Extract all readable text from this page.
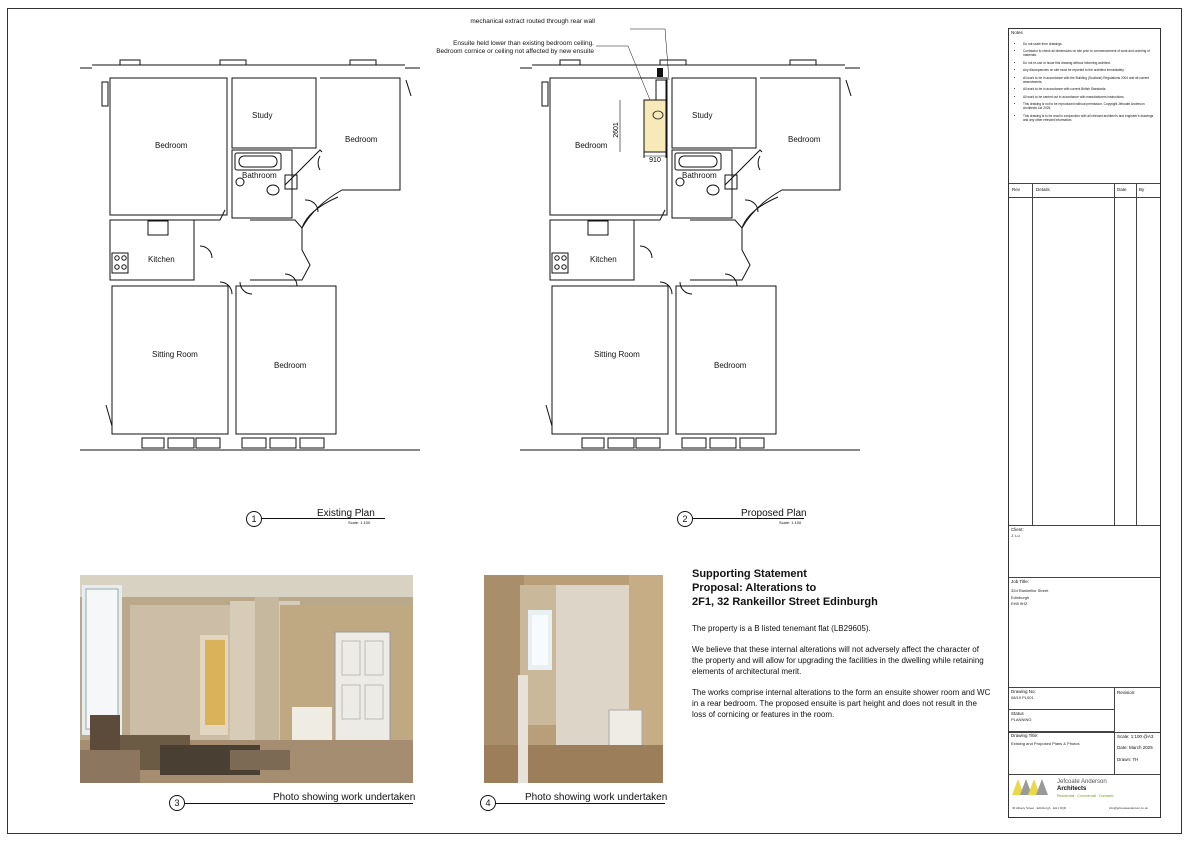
Study
Bedroom
Bedroom
Bathroom
Kitchen
Sitting Room
Bedroom
2601
910
Study
Bedroom
Bedroom
Bathroom
Kitchen
Sitting Room
Bedroom
mechanical extract routed through rear wall
Ensuite held lower than existing bedroom ceiling.
Bedroom cornice or ceiling not affected by new ensuite
1	Existing Plan
Scale: 1:100	2	Proposed Plan
Scale: 1:100
3	Photo showing work undertaken	4	Photo showing work undertaken
Supporting Statement
Proposal: Alterations to
2F1, 32 Rankeillor Street Edinburgh

The property is a B listed tenemant flat (LB29605).

We believe that these internal alterations will not adversely affect the character of the property and will allow for upgrading the facilities in the dwelling while retaining elements of architectural merit.

The works comprise internal alterations to the form an ensuite shower room and WC in a rear bedroom. The proposed ensuite is part height and does not result in the loss of cornicing or features in the room.

Notes
• Do not scale from drawings.
• Contractor to check all dimensions on site prior to commencement of work and ordering of materials.
• Do not re-use or issue this drawing without informing architect.
• Any discrepancies on site must be reported to the architect immediately.
• All work to be in accordance with the Building (Scotland) Regulations 2004 and all current amendments.
• All work to be in accordance with current British Standards.
• All work to be carried out in accordance with manufacturers instructions.
• This drawing is not to be reproduced without permission. Copyright Jefcoate Anderson Architects Ltd 2025.
• This drawing is to be read in conjunction with all relevant architect's and engineer's drawings and any other relevant information.
Rev	Details	Date	By
Client:
J. Lu
Job Title:
32d Rankeillor Street
Edinburgh
EH8 9HZ
Drawing No:
08/19 PL001
Revision:
Status
PLANNING
Drawing Title:
Existing and Proposed Plans & Photos
Scale: 1:100 @A3
Date: March 2025
Drawn: TH
Jefcoate Anderson
Architects
Residential · Commercial · Domestic
36 Albany Street · Edinburgh · EH1 3QR	info@jefcoateanderson.co.uk
